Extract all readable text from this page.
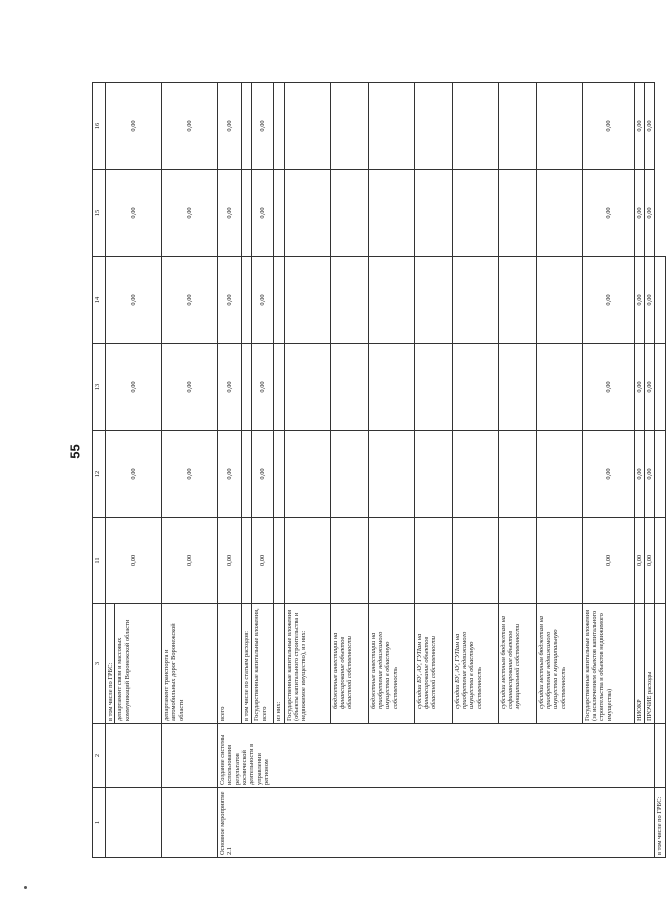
55
1	2	3	11	12	13	14	15	16

		в том числе по ГРБС: департамент связи и массовых коммуникаций Воронежской области	0,00	0,00	0,00	0,00	0,00	0,00
		департамент транспорта и автомобильных дорог Воронежской области	0,00	0,00	0,00	0,00	0,00	0,00
Основное мероприятие 2.1	Создание системы использования результатов космической деятельности в управлении регионом	всего	0,00	0,00	0,00	0,00	0,00	0,00
		в том числе по статьям расходов:						
		Государственные капитальные вложения, всего	0,00	0,00	0,00	0,00	0,00	0,00
		из них:						
		Государственные капитальные вложения (объекты капитального строительства и недвижимое имущество), из них:						
		бюджетные инвестиции на финансирование объектов областной собственности						
		бюджетные инвестиции на приобретение недвижимого имущества в областную собственность						
		субсидии БУ, АУ, ГУПам на финансирование объектов областной собственности						
		субсидии БУ, АУ, ГУПам на приобретение недвижимого имущества в областную собственность						
		субсидии местным бюджетам на софинансирование объектов муниципальной собственности						
		субсидии местным бюджетам на приобретение недвижимого имущества в муниципальную собственность						
		Государственные капитальные вложения (за исключением объектов капитального строительства и объектов недвижимого имущества)	0,00	0,00	0,00	0,00	0,00	0,00
		НИОКР	0,00	0,00	0,00	0,00	0,00	0,00
		ПРОЧИЕ расходы	0,00	0,00	0,00	0,00	0,00	0,00
в том числе по ГРБС:								
